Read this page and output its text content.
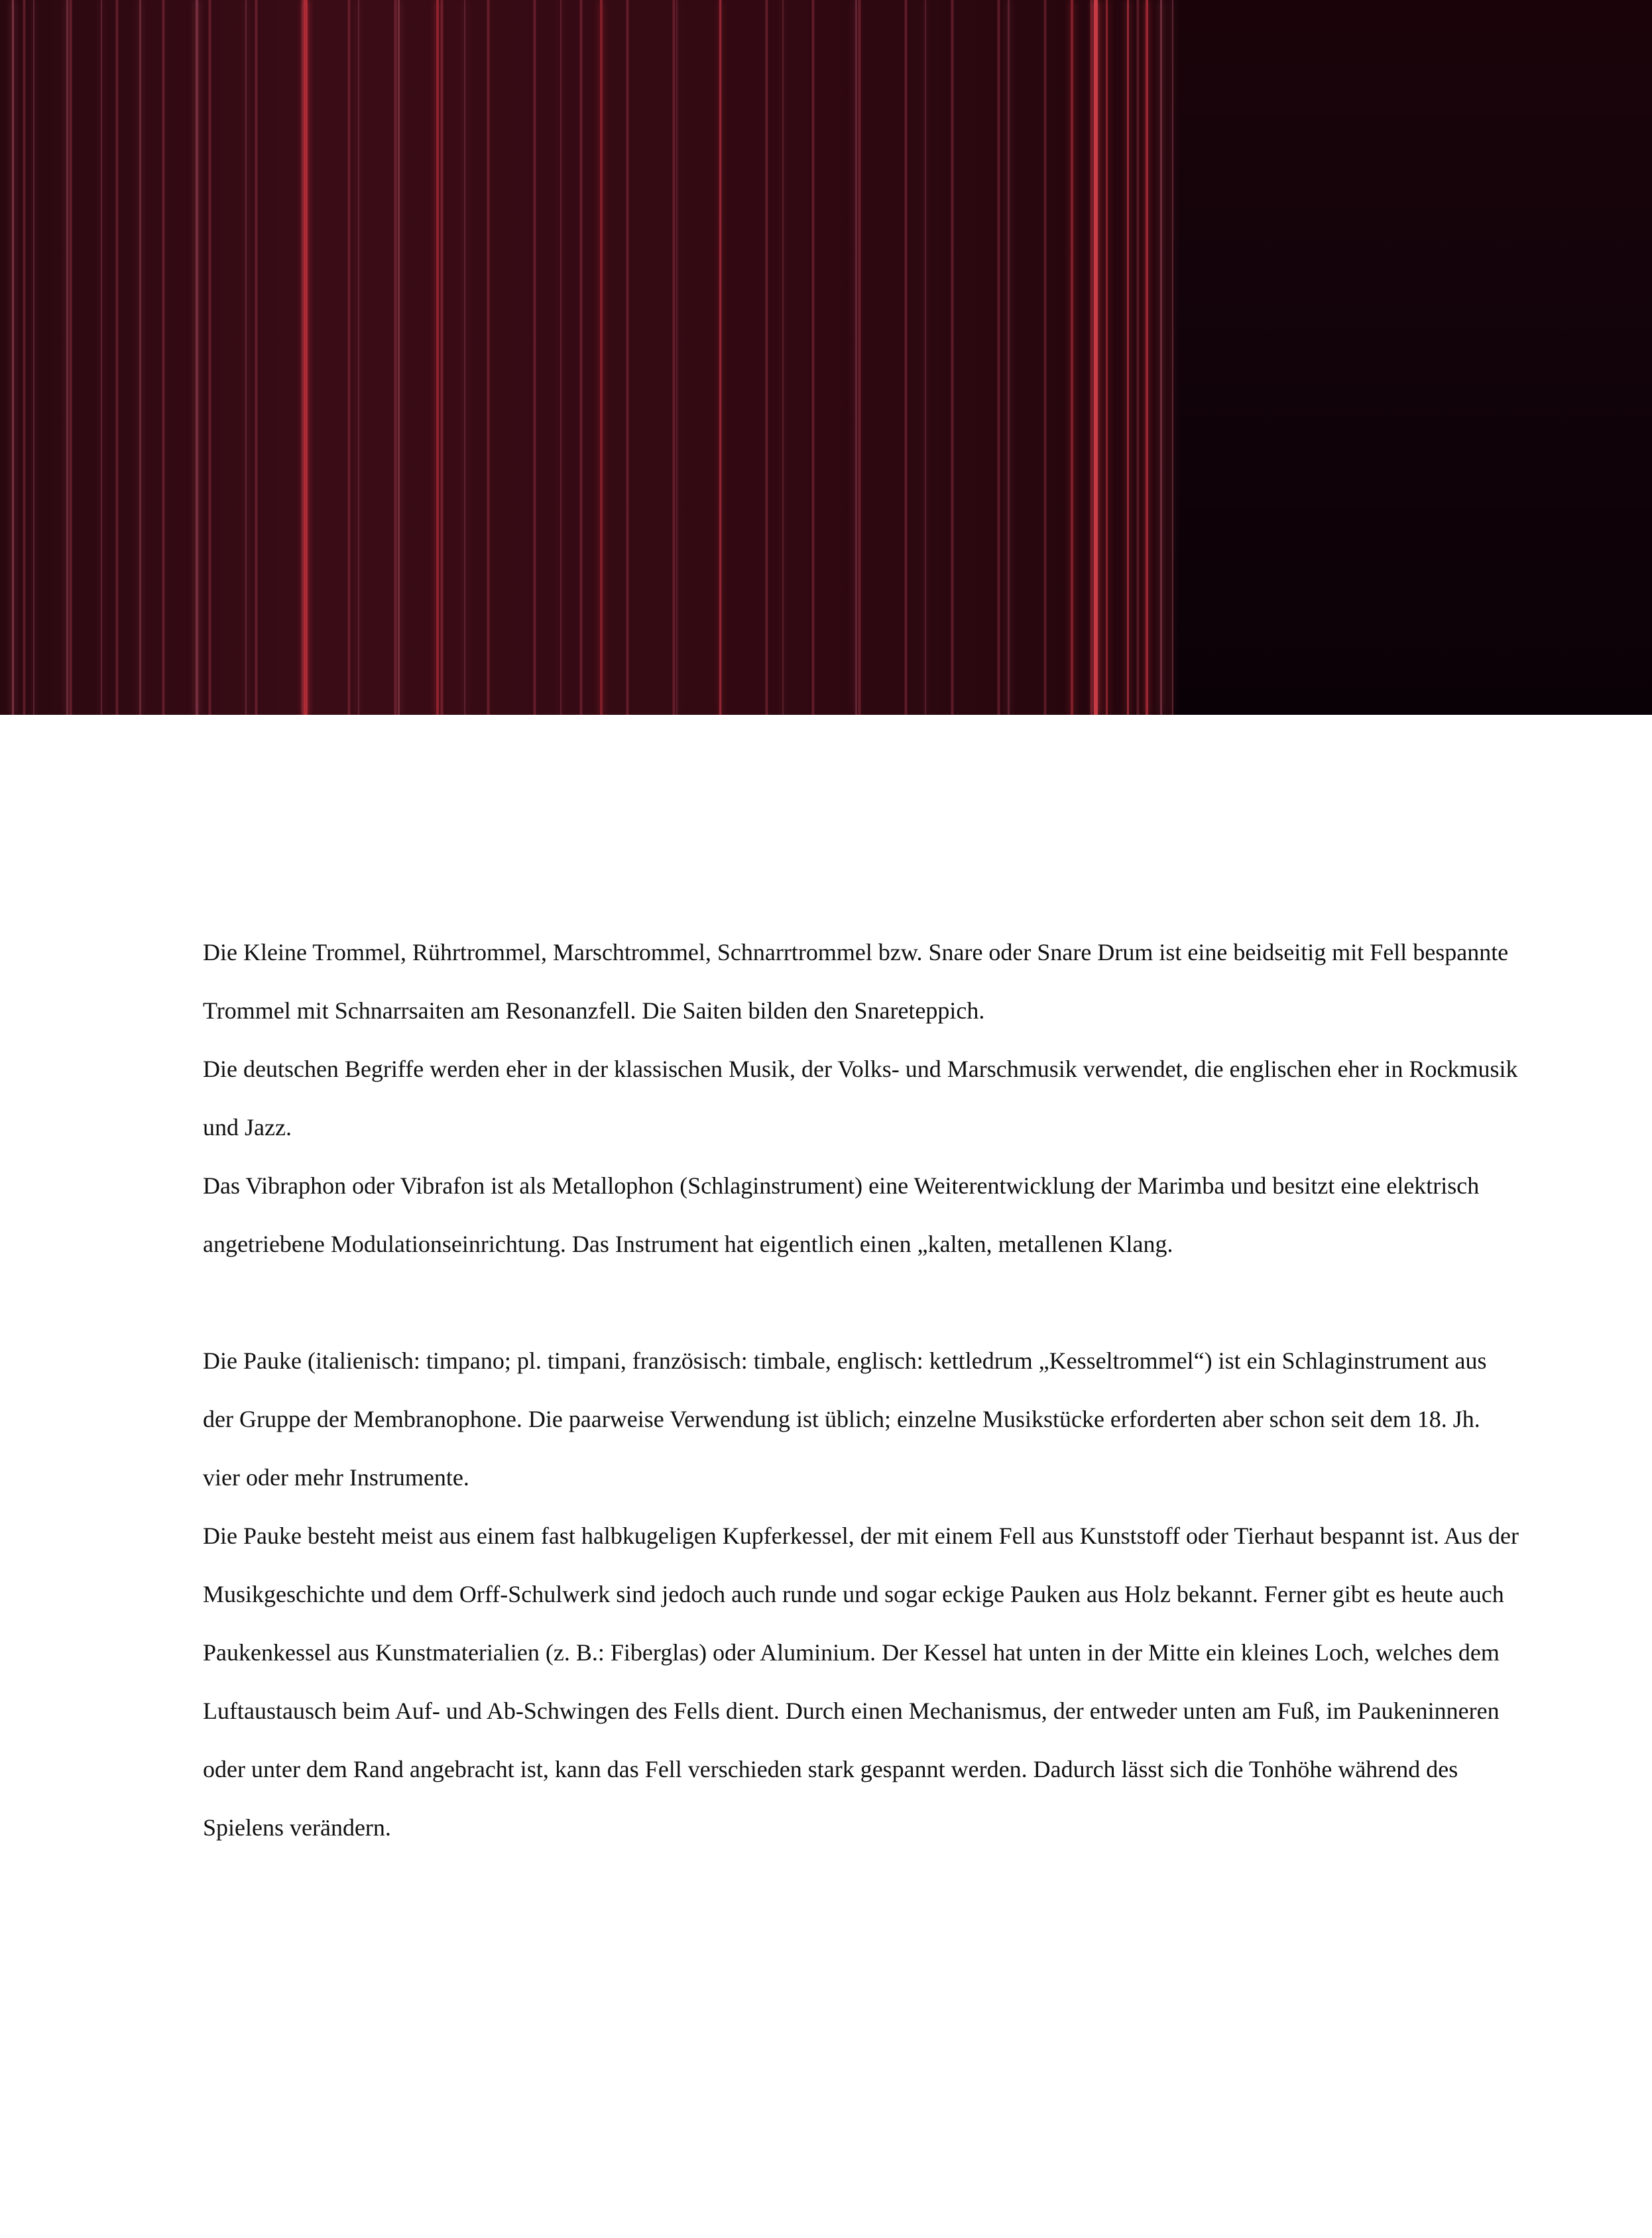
Die Kleine Trommel, Rührtrommel, Marschtrommel, Schnarrtrommel bzw. Snare oder Snare Drum ist eine beidseitig mit Fell bespannte Trommel mit Schnarrsaiten am Resonanzfell. Die Saiten bilden den Snareteppich.

Die deutschen Begriffe werden eher in der klassischen Musik, der Volks- und Marschmusik verwendet, die englischen eher in Rockmusik und Jazz.

Das Vibraphon oder Vibrafon ist als Metallophon (Schlaginstrument) eine Weiterentwicklung der Marimba und besitzt eine elektrisch angetriebene Modulationseinrichtung. Das Instrument hat eigentlich einen „kalten, metallenen Klang.

Die Pauke (italienisch: timpano; pl. timpani, französisch: timbale, englisch: kettledrum „Kesseltrommel“) ist ein Schlaginstrument aus der Gruppe der Membranophone. Die paarweise Verwendung ist üblich; einzelne Musikstücke erforderten aber schon seit dem 18. Jh. vier oder mehr Instrumente.

Die Pauke besteht meist aus einem fast halbkugeligen Kupferkessel, der mit einem Fell aus Kunststoff oder Tierhaut bespannt ist. Aus der Musikgeschichte und dem Orff-Schulwerk sind jedoch auch runde und sogar eckige Pauken aus Holz bekannt. Ferner gibt es heute auch Paukenkessel aus Kunstmaterialien (z. B.: Fiberglas) oder Aluminium. Der Kessel hat unten in der Mitte ein kleines Loch, welches dem Luftaustausch beim Auf- und Ab-Schwingen des Fells dient. Durch einen Mechanismus, der entweder unten am Fuß, im Paukeninneren oder unter dem Rand angebracht ist, kann das Fell verschieden stark gespannt werden. Dadurch lässt sich die Tonhöhe während des Spielens verändern.
